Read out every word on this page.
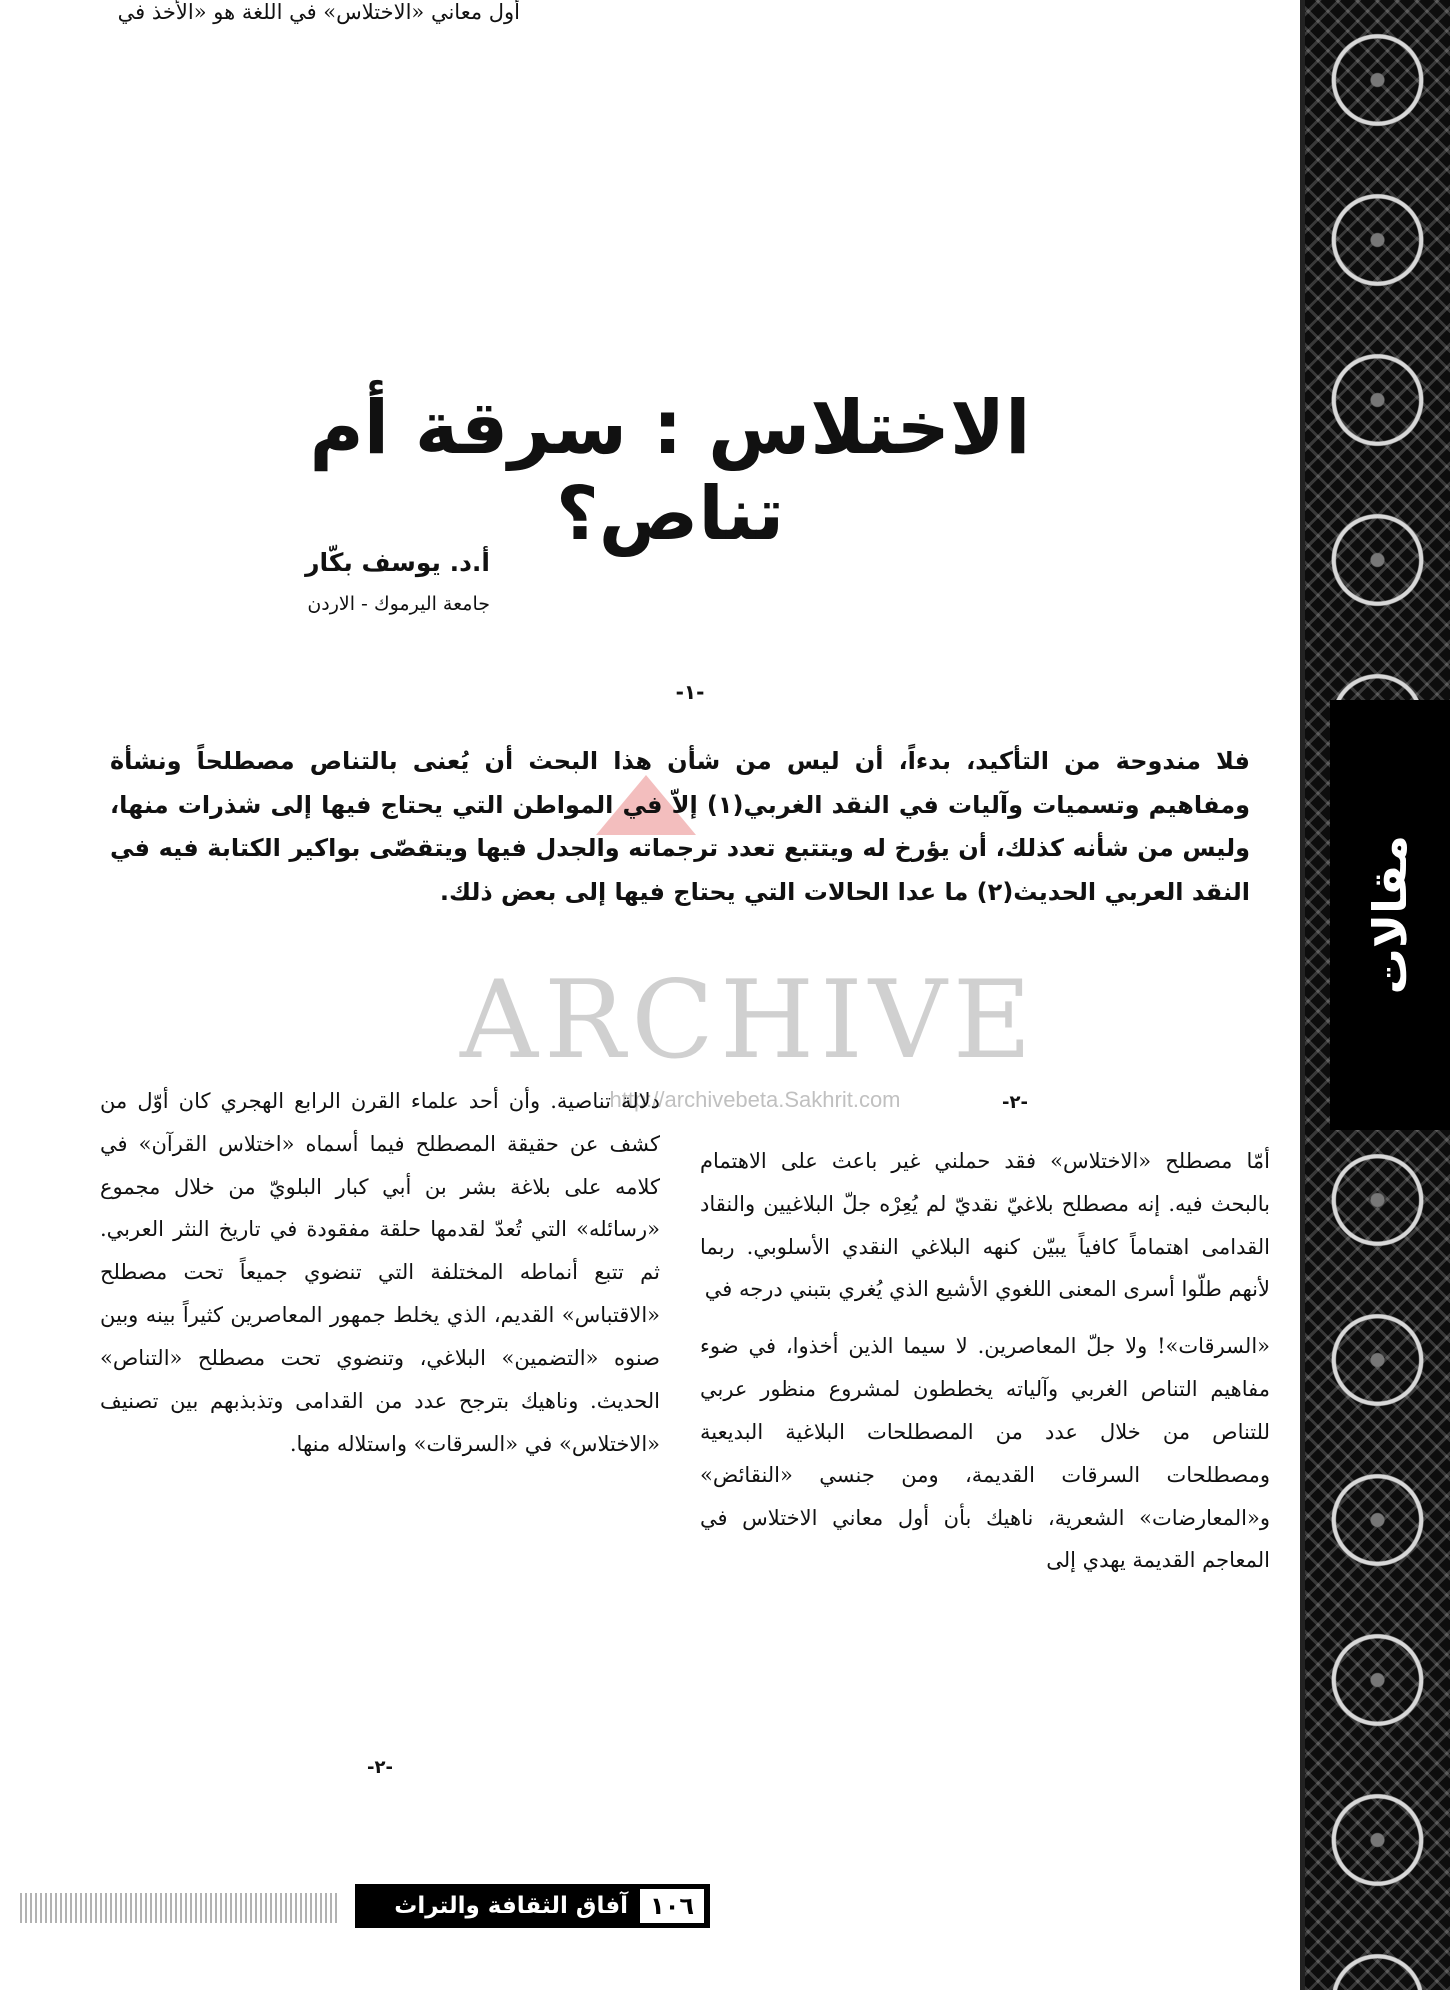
مقالات
ARCHIVE
http://archivebeta.Sakhrit.com
الاختلاس : سرقة أم تناص؟
أ.د. يوسف بكّار
جامعة اليرموك - الاردن
-١-
فلا مندوحة من التأكيد، بدءاً، أن ليس من شأن هذا البحث أن يُعنى بالتناص مصطلحاً ونشأة ومفاهيم وتسميات وآليات في النقد الغربي(١) إلاّ في المواطن التي يحتاج فيها إلى شذرات منها، وليس من شأنه كذلك، أن يؤرخ له ويتتبع تعدد ترجماته والجدل فيها ويتقصّى بواكير الكتابة فيه في النقد العربي الحديث(٢) ما عدا الحالات التي يحتاج فيها إلى بعض ذلك.
-٢-

أمّا مصطلح «الاختلاس» فقد حملني غير باعث على الاهتمام بالبحث فيه. إنه مصطلح بلاغيّ نقديّ لم يُعِرْه جلّ البلاغيين والنقاد القدامى اهتماماً كافياً يبيّن كنهه البلاغي النقدي الأسلوبي. ربما لأنهم طلّوا أسرى المعنى اللغوي الأشيع الذي يُغري بتبني درجه في

«السرقات»! ولا جلّ المعاصرين. لا سيما الذين أخذوا، في ضوء مفاهيم التناص الغربي وآلياته يخططون لمشروع منظور عربي للتناص من خلال عدد من المصطلحات البلاغية البديعية ومصطلحات السرقات القديمة، ومن جنسي «النقائض» و«المعارضات» الشعرية، ناهيك بأن أول معاني الاختلاس في المعاجم القديمة يهدي إلى

دلالة تناصية. وأن أحد علماء القرن الرابع الهجري كان أوّل من كشف عن حقيقة المصطلح فيما أسماه «اختلاس القرآن» في كلامه على بلاغة بشر بن أبي كبار البلويّ من خلال مجموع «رسائله» التي تُعدّ لقدمها حلقة مفقودة في تاريخ النثر العربي. ثم تتبع أنماطه المختلفة التي تنضوي جميعاً تحت مصطلح «الاقتباس» القديم، الذي يخلط جمهور المعاصرين كثيراً بينه وبين صنوه «التضمين» البلاغي، وتنضوي تحت مصطلح «التناص» الحديث. وناهيك بترجح عدد من القدامى وتذبذبهم بين تصنيف «الاختلاس» في «السرقات» واستلاله منها.

-٢-
أول معاني «الاختلاس» في اللغة هو «الأخذ في
١٠٦
آفاق الثقافة والتراث
